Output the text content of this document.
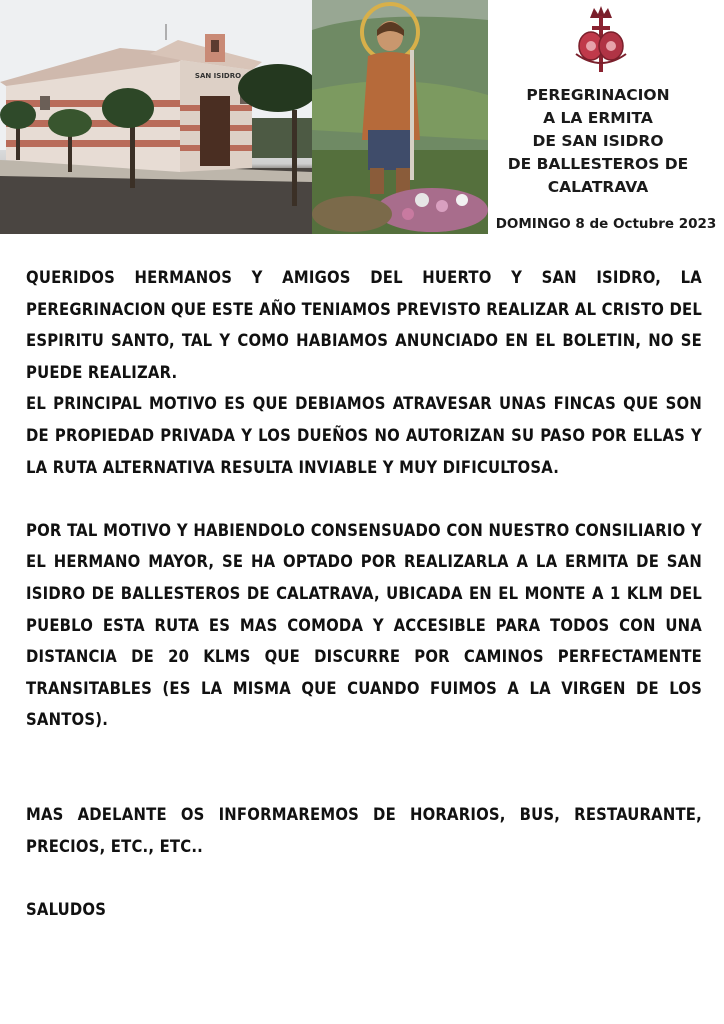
SAN ISIDRO
PEREGRINACION
A LA ERMITA
DE SAN ISIDRO
DE BALLESTEROS DE
CALATRAVA
DOMINGO 8 de Octubre 2023

QUERIDOS HERMANOS Y AMIGOS DEL HUERTO Y SAN ISIDRO, LA PEREGRINACION QUE ESTE AÑO TENIAMOS PREVISTO REALIZAR AL CRISTO DEL ESPIRITU SANTO, TAL Y COMO HABIAMOS ANUNCIADO EN EL BOLETIN, NO SE PUEDE REALIZAR.

EL PRINCIPAL MOTIVO ES QUE DEBIAMOS ATRAVESAR UNAS FINCAS QUE SON DE PROPIEDAD PRIVADA Y LOS DUEÑOS NO AUTORIZAN SU PASO POR ELLAS Y LA RUTA ALTERNATIVA RESULTA INVIABLE Y MUY DIFICULTOSA.

POR TAL MOTIVO Y HABIENDOLO CONSENSUADO CON NUESTRO CONSILIARIO Y EL HERMANO MAYOR, SE HA OPTADO POR REALIZARLA A LA ERMITA DE SAN ISIDRO DE BALLESTEROS DE CALATRAVA, UBICADA EN EL MONTE A 1 KLM DEL PUEBLO ESTA RUTA ES MAS COMODA Y ACCESIBLE PARA TODOS CON UNA DISTANCIA DE 20 KLMS QUE DISCURRE POR CAMINOS PERFECTAMENTE TRANSITABLES (ES LA MISMA QUE CUANDO FUIMOS A LA VIRGEN DE LOS SANTOS).

MAS ADELANTE OS INFORMAREMOS DE HORARIOS, BUS, RESTAURANTE, PRECIOS, ETC., ETC..

SALUDOS
